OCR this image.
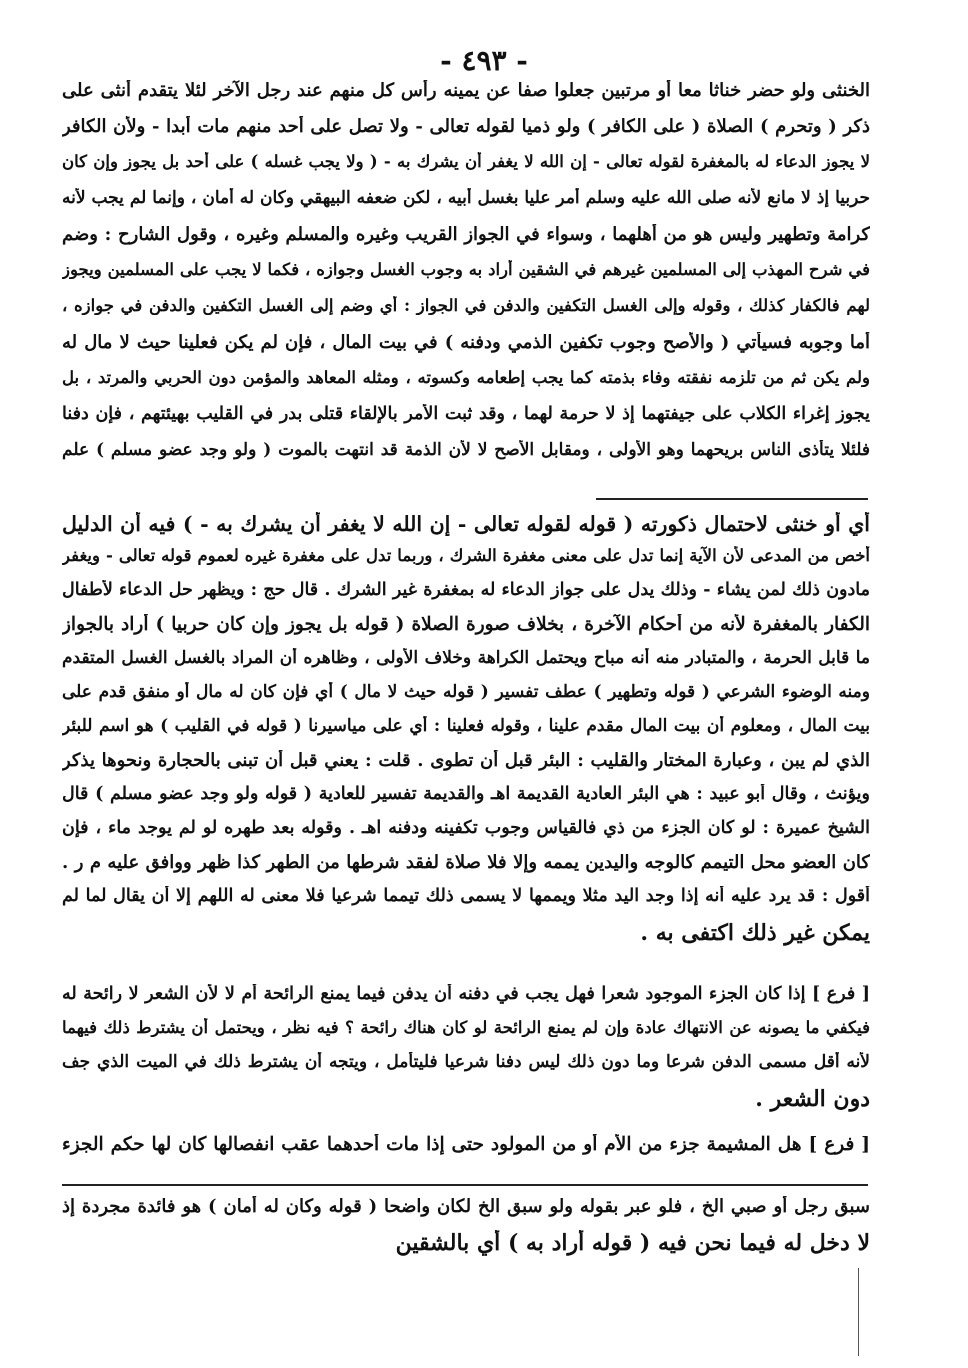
- ٤٩٣ -
الخنثى ولو حضر خناثا معا أو مرتبين جعلوا صفا عن يمينه رأس كل منهم عند رجل الآخر لئلا يتقدم أنثى على
ذكر ( وتحرم ) الصلاة ( على الكافر ) ولو ذميا لقوله تعالى - ولا تصل على أحد منهم مات أبدا - ولأن الكافر
لا يجوز الدعاء له بالمغفرة لقوله تعالى - إن الله لا يغفر أن يشرك به - ( ولا يجب غسله ) على أحد بل يجوز وإن كان
حربيا إذ لا مانع لأنه صلى الله عليه وسلم أمر عليا بغسل أبيه ، لكن ضعفه البيهقي وكان له أمان ، وإنما لم يجب لأنه
كرامة وتطهير وليس هو من أهلهما ، وسواء في الجواز القريب وغيره والمسلم وغيره ، وقول الشارح : وضم
في شرح المهذب إلى المسلمين غيرهم في الشقين أراد به وجوب الغسل وجوازه ، فكما لا يجب على المسلمين ويجوز
لهم فالكفار كذلك ، وقوله وإلى الغسل التكفين والدفن في الجواز : أي وضم إلى الغسل التكفين والدفن في جوازه ،
أما وجوبه فسيأتي ( والأصح وجوب تكفين الذمي ودفنه ) في بيت المال ، فإن لم يكن فعلينا حيث لا مال له
ولم يكن ثم من تلزمه نفقته وفاء بذمته كما يجب إطعامه وكسوته ، ومثله المعاهد والمؤمن دون الحربي والمرتد ، بل
يجوز إغراء الكلاب على جيفتهما إذ لا حرمة لهما ، وقد ثبت الأمر بالإلقاء قتلى بدر في القليب بهيئتهم ، فإن دفنا
فلئلا يتأذى الناس بريحهما وهو الأولى ، ومقابل الأصح لا لأن الذمة قد انتهت بالموت ( ولو وجد عضو مسلم ) علم
أي أو خنثى لاحتمال ذكورته ( قوله لقوله تعالى - إن الله لا يغفر أن يشرك به - ) فيه أن الدليل
أخص من المدعى لأن الآية إنما تدل على معنى مغفرة الشرك ، وربما تدل على مغفرة غيره لعموم قوله تعالى - ويغفر
مادون ذلك لمن يشاء - وذلك يدل على جواز الدعاء له بمغفرة غير الشرك . قال حج : ويظهر حل الدعاء لأطفال
الكفار بالمغفرة لأنه من أحكام الآخرة ، بخلاف صورة الصلاة ( قوله بل يجوز وإن كان حربيا ) أراد بالجواز
ما قابل الحرمة ، والمتبادر منه أنه مباح ويحتمل الكراهة وخلاف الأولى ، وظاهره أن المراد بالغسل الغسل المتقدم
ومنه الوضوء الشرعي ( قوله وتطهير ) عطف تفسير ( قوله حيث لا مال ) أي فإن كان له مال أو منفق قدم على
بيت المال ، ومعلوم أن بيت المال مقدم علينا ، وقوله فعلينا : أي على مياسيرنا ( قوله في القليب ) هو اسم للبئر
الذي لم يبن ، وعبارة المختار والقليب : البئر قبل أن تطوى . قلت : يعني قبل أن تبنى بالحجارة ونحوها يذكر
ويؤنث ، وقال أبو عبيد : هي البئر العادية القديمة اهـ والقديمة تفسير للعادية ( قوله ولو وجد عضو مسلم ) قال
الشيخ عميرة : لو كان الجزء من ذي فالقياس وجوب تكفينه ودفنه اهـ . وقوله بعد طهره لو لم يوجد ماء ، فإن
كان العضو محل التيمم كالوجه واليدين يممه وإلا فلا صلاة لفقد شرطها من الطهر كذا ظهر ووافق عليه م ر .
أقول : قد يرد عليه أنه إذا وجد اليد مثلا ويممها لا يسمى ذلك تيمما شرعيا فلا معنى له اللهم إلا أن يقال لما لم
يمكن غير ذلك اكتفى به .
[ فرع ] إذا كان الجزء الموجود شعرا فهل يجب في دفنه أن يدفن فيما يمنع الرائحة أم لا لأن الشعر لا رائحة له
فيكفي ما يصونه عن الانتهاك عادة وإن لم يمنع الرائحة لو كان هناك رائحة ؟ فيه نظر ، ويحتمل أن يشترط ذلك فيهما
لأنه أقل مسمى الدفن شرعا وما دون ذلك ليس دفنا شرعيا فليتأمل ، ويتجه أن يشترط ذلك في الميت الذي جف
دون الشعر .
[ فرع ] هل المشيمة جزء من الأم أو من المولود حتى إذا مات أحدهما عقب انفصالها كان لها حكم الجزء
سبق رجل أو صبي الخ ، فلو عبر بقوله ولو سبق الخ لكان واضحا ( قوله وكان له أمان ) هو فائدة مجردة إذ
لا دخل له فيما نحن فيه ( قوله أراد به ) أي بالشقين
